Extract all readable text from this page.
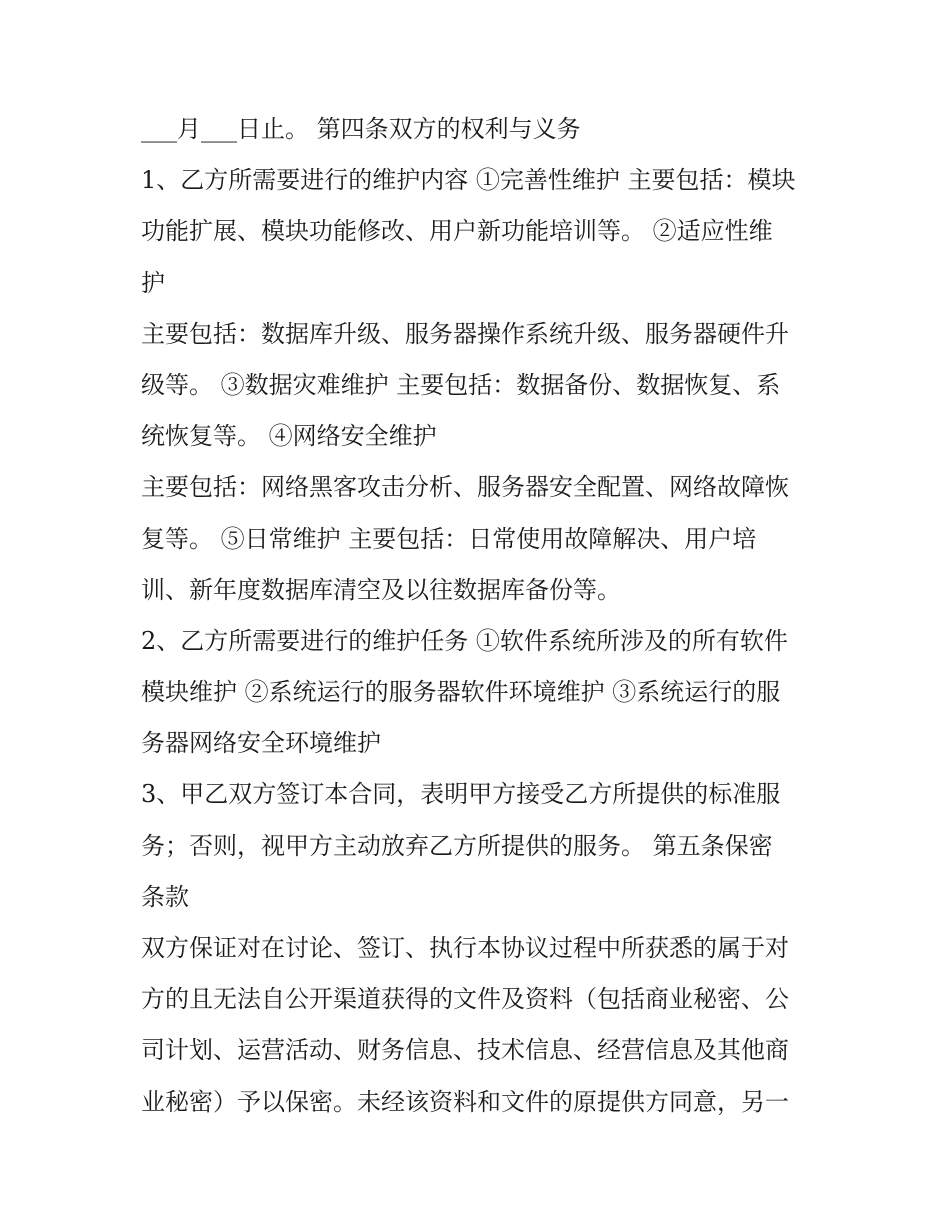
___月___日止。 第四条双方的权利与义务
1、乙方所需要进行的维护内容 ①完善性维护 主要包括：模块
功能扩展、模块功能修改、用户新功能培训等。 ②适应性维
护
主要包括：数据库升级、服务器操作系统升级、服务器硬件升
级等。 ③数据灾难维护 主要包括：数据备份、数据恢复、系
统恢复等。 ④网络安全维护
主要包括：网络黑客攻击分析、服务器安全配置、网络故障恢
复等。 ⑤日常维护 主要包括：日常使用故障解决、用户培
训、新年度数据库清空及以往数据库备份等。
2、乙方所需要进行的维护任务 ①软件系统所涉及的所有软件
模块维护 ②系统运行的服务器软件环境维护 ③系统运行的服
务器网络安全环境维护
3、甲乙双方签订本合同，表明甲方接受乙方所提供的标准服
务；否则，视甲方主动放弃乙方所提供的服务。 第五条保密
条款
双方保证对在讨论、签订、执行本协议过程中所获悉的属于对
方的且无法自公开渠道获得的文件及资料（包括商业秘密、公
司计划、运营活动、财务信息、技术信息、经营信息及其他商
业秘密）予以保密。未经该资料和文件的原提供方同意，另一
